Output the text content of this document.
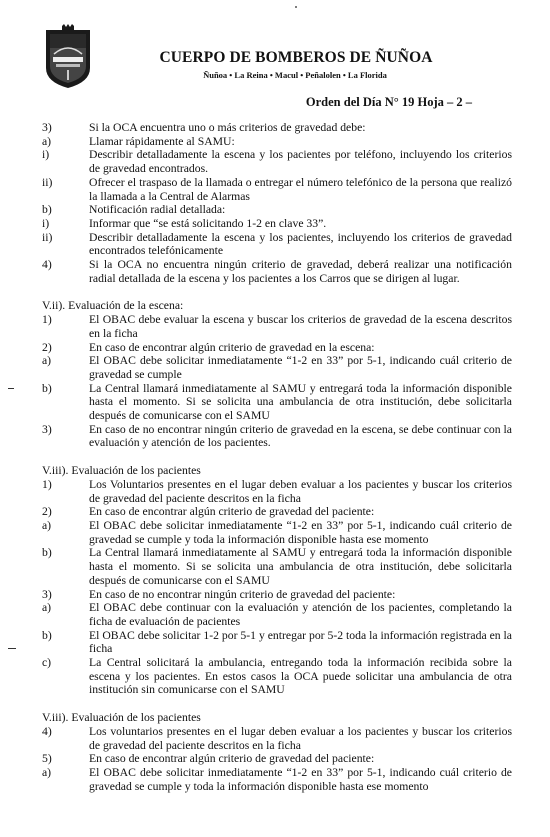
CUERPO DE BOMBEROS DE ÑUÑOA
Ñuñoa • La Reina • Macul • Peñalolen • La Florida
Orden del Día N° 19 Hoja – 2 –
3)	Si la OCA encuentra uno o más criterios de gravedad debe:
a)	Llamar rápidamente al SAMU:
i)	Describir detalladamente la escena y los pacientes por teléfono, incluyendo los criterios de gravedad encontrados.
ii)	Ofrecer el traspaso de la llamada o entregar el número telefónico de la persona que realizó la llamada a la Central de Alarmas
b)	Notificación radial detallada:
i)	Informar que “se está solicitando 1-2 en clave 33”.
ii)	Describir detalladamente la escena y los pacientes, incluyendo los criterios de gravedad encontrados telefónicamente
4)	Si la OCA no encuentra ningún criterio de gravedad, deberá realizar una notificación radial detallada de la escena y los pacientes a los Carros que se dirigen al lugar.
V.ii). Evaluación de la escena:
1)	El OBAC debe evaluar la escena y buscar los criterios de gravedad de la escena descritos en la ficha
2)	En caso de encontrar algún criterio de gravedad en la escena:
a)	El OBAC debe solicitar inmediatamente “1-2 en 33” por 5-1, indicando cuál criterio de gravedad se cumple
b)	La Central llamará inmediatamente al SAMU y entregará toda la información disponible hasta el momento. Si se solicita una ambulancia de otra institución, debe solicitarla después de comunicarse con el SAMU
3)	En caso de no encontrar ningún criterio de gravedad en la escena, se debe continuar con la evaluación y atención de los pacientes.
V.iii). Evaluación de los pacientes
1)	Los Voluntarios presentes en el lugar deben evaluar a los pacientes y buscar los criterios de gravedad del paciente descritos en la ficha
2)	En caso de encontrar algún criterio de gravedad del paciente:
a)	El OBAC debe solicitar inmediatamente “1-2 en 33” por 5-1, indicando cuál criterio de gravedad se cumple y toda la información disponible hasta ese momento
b)	La Central llamará inmediatamente al SAMU y entregará toda la información disponible hasta el momento. Si se solicita una ambulancia de otra institución, debe solicitarla después de comunicarse con el SAMU
3)	En caso de no encontrar ningún criterio de gravedad del paciente:
a)	El OBAC debe continuar con la evaluación y atención de los pacientes, completando la ficha de evaluación de pacientes
b)	El OBAC debe solicitar 1-2 por 5-1 y entregar por 5-2 toda la información registrada en la ficha
c)	La Central solicitará la ambulancia, entregando toda la información recibida sobre la escena y los pacientes. En estos casos la OCA puede solicitar una ambulancia de otra institución sin comunicarse con el SAMU
V.iii). Evaluación de los pacientes
4)	Los voluntarios presentes en el lugar deben evaluar a los pacientes y buscar los criterios de gravedad del paciente descritos en la ficha
5)	En caso de encontrar algún criterio de gravedad del paciente:
a)	El OBAC debe solicitar inmediatamente “1-2 en 33” por 5-1, indicando cuál criterio de gravedad se cumple y toda la información disponible hasta ese momento
